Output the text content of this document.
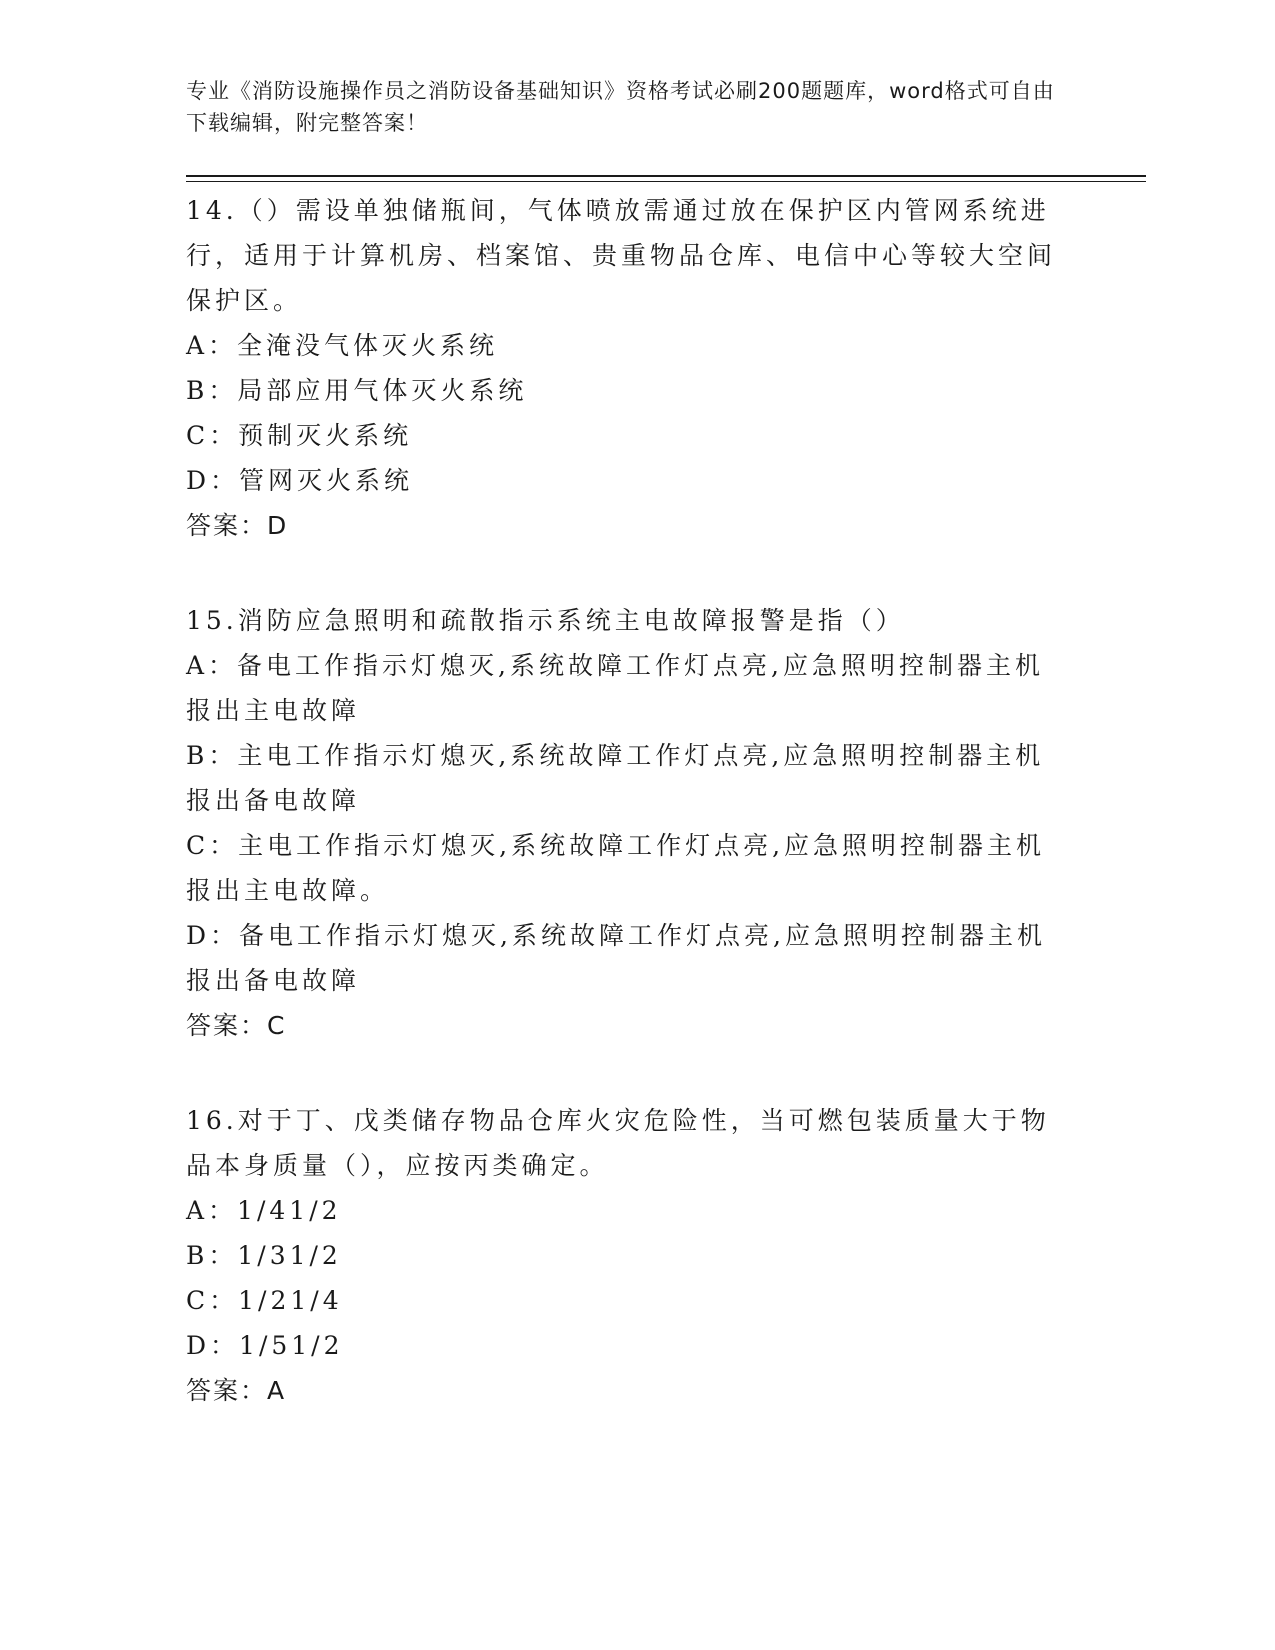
专业《消防设施操作员之消防设备基础知识》资格考试必刷200题题库，word格式可自由下载编辑，附完整答案！

14.（）需设单独储瓶间，气体喷放需通过放在保护区内管网系统进行，适用于计算机房、档案馆、贵重物品仓库、电信中心等较大空间保护区。

A：全淹没气体灭火系统

B：局部应用气体灭火系统

C：预制灭火系统

D：管网灭火系统

答案：D

15.消防应急照明和疏散指示系统主电故障报警是指（）

A：备电工作指示灯熄灭,系统故障工作灯点亮,应急照明控制器主机报出主电故障

B：主电工作指示灯熄灭,系统故障工作灯点亮,应急照明控制器主机报出备电故障

C：主电工作指示灯熄灭,系统故障工作灯点亮,应急照明控制器主机报出主电故障。

D：备电工作指示灯熄灭,系统故障工作灯点亮,应急照明控制器主机报出备电故障

答案：C

16.对于丁、戊类储存物品仓库火灾危险性，当可燃包装质量大于物品本身质量（），应按丙类确定。

A：1/41/2

B：1/31/2

C：1/21/4

D：1/51/2

答案：A
